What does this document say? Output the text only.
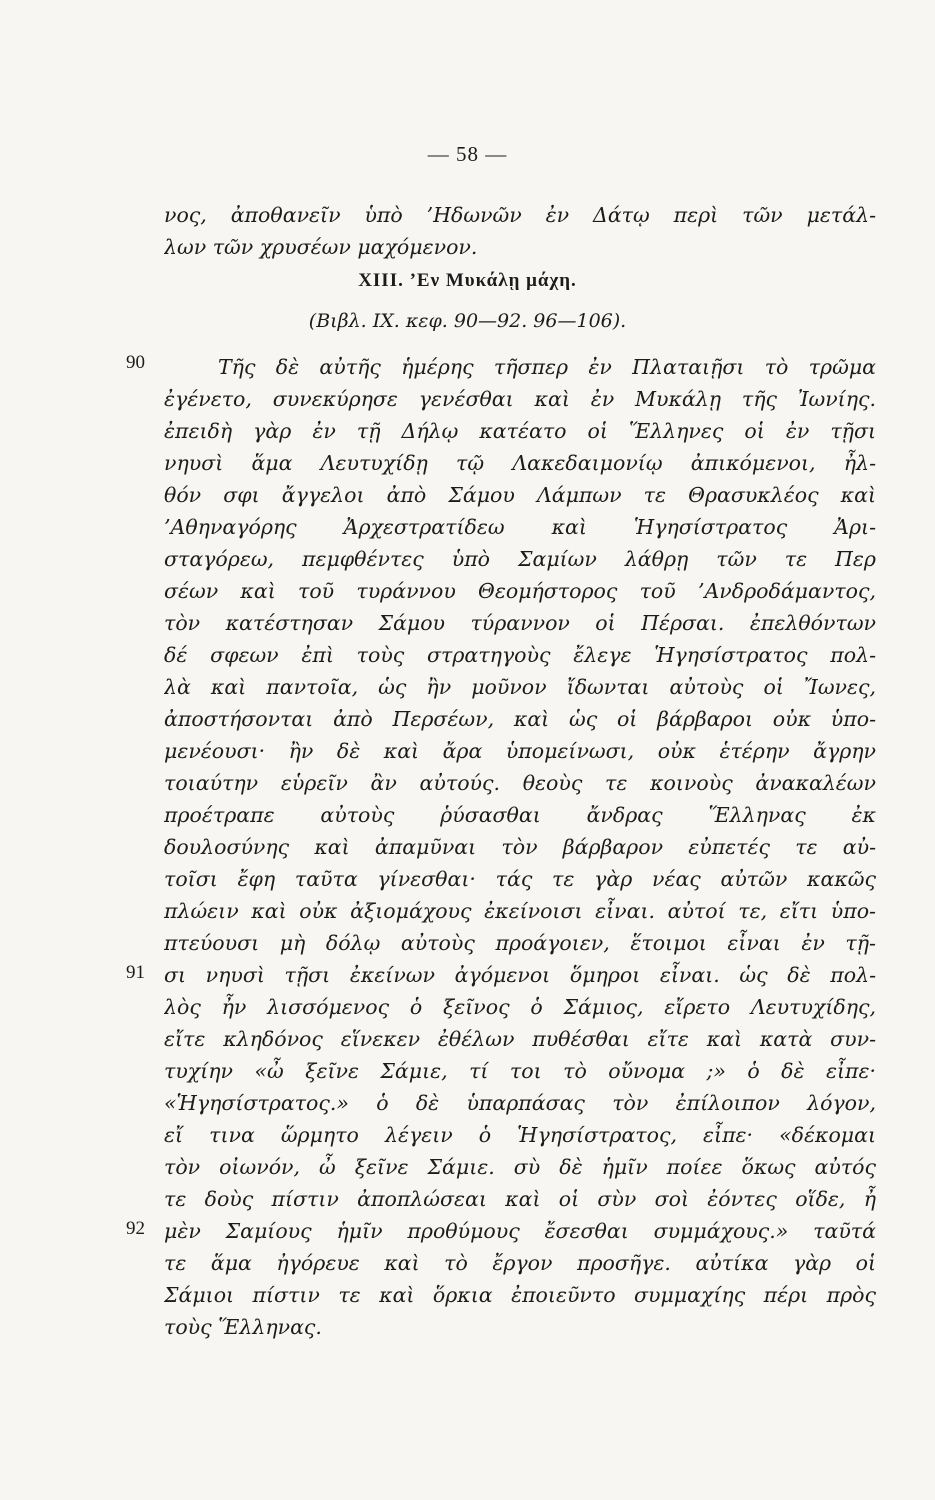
— 58 —
νος, ἀποθανεῖν ὑπὸ ’Ηδωνῶν ἐν Δάτῳ περὶ τῶν μετάλ-
λων τῶν χρυσέων μαχόμενον.
XIII. ’Εν Μυκάλῃ μάχη.
(Βιβλ. ΙΧ. κεφ. 90—92. 96—106).
90	Τῆς δὲ αὐτῆς ἡμέρης τῆσπερ ἐν Πλαταιῇσι τὸ τρῶμα
ἐγένετο, συνεκύρησε γενέσθαι καὶ ἐν Μυκάλῃ τῆς Ἰωνίης.
ἐπειδὴ γὰρ ἐν τῇ Δήλῳ κατέατο οἱ Ἕλληνες οἱ ἐν τῇσι
νηυσὶ ἅμα Λευτυχίδῃ τῷ Λακεδαιμονίῳ ἀπικόμενοι, ἦλ-
θόν σφι ἄγγελοι ἀπὸ Σάμου Λάμπων τε Θρασυκλέος καὶ
’Αθηναγόρης Ἀρχεστρατίδεω καὶ Ἡγησίστρατος Ἀρι-
σταγόρεω, πεμφθέντες ὑπὸ Σαμίων λάθρῃ τῶν τε Περ
σέων καὶ τοῦ τυράννου Θεομήστορος τοῦ ’Ανδροδάμαντος,
τὸν κατέστησαν Σάμου τύραννον οἱ Πέρσαι. ἐπελθόντων
δέ σφεων ἐπὶ τοὺς στρατηγοὺς ἔλεγε Ἡγησίστρατος πολ-
λὰ καὶ παντοῖα, ὡς ἢν μοῦνον ἴδωνται αὐτοὺς οἱ Ἴωνες,
ἀποστήσονται ἀπὸ Περσέων, καὶ ὡς οἱ βάρβαροι οὐκ ὑπο-
μενέουσι· ἢν δὲ καὶ ἄρα ὑπομείνωσι, οὐκ ἑτέρην ἄγρην
τοιαύτην εὑρεῖν ἂν αὐτούς. θεοὺς τε κοινοὺς ἀνακαλέων
προέτραπε αὐτοὺς ῥύσασθαι ἄνδρας Ἕλληνας ἐκ
δουλοσύνης καὶ ἀπαμῦναι τὸν βάρβαρον εὐπετές τε αὐ-
τοῖσι ἔφη ταῦτα γίνεσθαι· τάς τε γὰρ νέας αὐτῶν κακῶς
πλώειν καὶ οὐκ ἀξιομάχους ἐκείνοισι εἶναι. αὐτοί τε, εἴτι ὑπο-
πτεύουσι μὴ δόλῳ αὐτοὺς προάγοιεν, ἕτοιμοι εἶναι ἐν τῇ-
91 σι νηυσὶ τῇσι ἐκείνων ἀγόμενοι ὅμηροι εἶναι. ὡς δὲ πολ-
λὸς ἦν λισσόμενος ὁ ξεῖνος ὁ Σάμιος, εἴρετο Λευτυχίδης,
εἴτε κληδόνος εἵνεκεν ἐθέλων πυθέσθαι εἴτε καὶ κατὰ συν-
τυχίην «ὦ ξεῖνε Σάμιε, τί τοι τὸ οὔνομα ;» ὁ δὲ εἶπε·
«Ἡγησίστρατος.» ὁ δὲ ὑπαρπάσας τὸν ἐπίλοιπον λόγον,
εἴ τινα ὥρμητο λέγειν ὁ Ἡγησίστρατος, εἶπε· «δέκομαι
τὸν οἰωνόν, ὦ ξεῖνε Σάμιε. σὺ δὲ ἡμῖν ποίεε ὅκως αὐτός
τε δοὺς πίστιν ἀποπλώσεαι καὶ οἱ σὺν σοὶ ἐόντες οἵδε, ἦ
92 μὲν Σαμίους ἡμῖν προθύμους ἔσεσθαι συμμάχους.» ταῦτά
τε ἅμα ἠγόρευε καὶ τὸ ἔργον προσῆγε. αὐτίκα γὰρ οἱ
Σάμιοι πίστιν τε καὶ ὅρκια ἐποιεῦντο συμμαχίης πέρι πρὸς
τοὺς Ἕλληνας.
